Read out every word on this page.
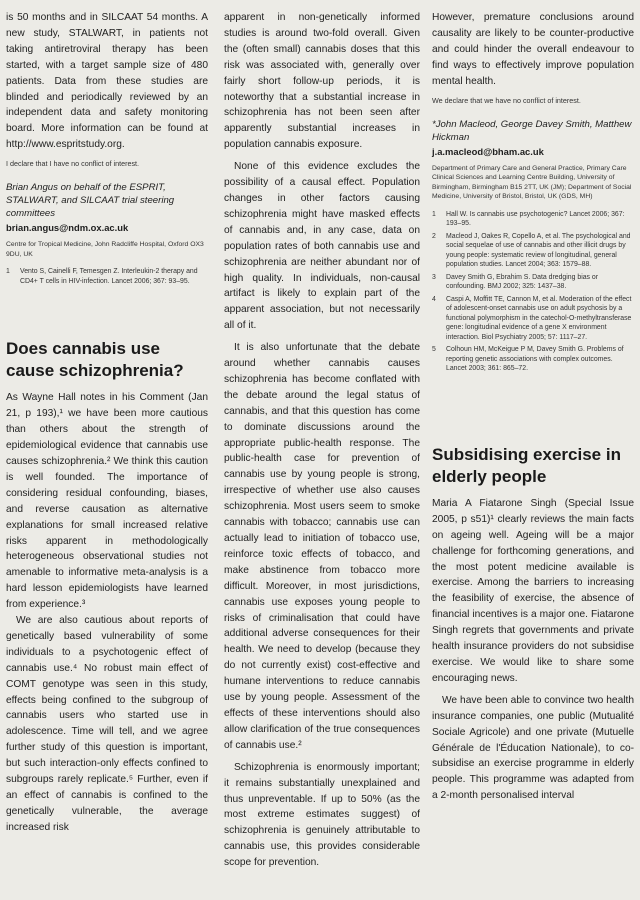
is 50 months and in SILCAAT 54 months. A new study, STALWART, in patients not taking antiretroviral therapy has been started, with a target sample size of 480 patients. Data from these studies are blinded and periodically reviewed by an independent data and safety monitoring board. More information can be found at http://www.espritstudy.org.

I declare that I have no conflict of interest.

Brian Angus on behalf of the ESPRIT, STALWART, and SILCAAT trial steering committees

brian.angus@ndm.ox.ac.uk

Centre for Tropical Medicine, John Radcliffe Hospital, Oxford OX3 9DU, UK

1	Vento S, Cainelli F, Temesgen Z. Interleukin-2 therapy and CD4+ T cells in HIV-infection. Lancet 2006; 367: 93–95.
Does cannabis use cause schizophrenia?

As Wayne Hall notes in his Comment (Jan 21, p 193),¹ we have been more cautious than others about the strength of epidemiological evidence that cannabis use causes schizophrenia.² We think this caution is well founded. The importance of considering residual confounding, biases, and reverse causation as alternative explanations for small increased relative risks apparent in methodologically heterogeneous observational studies not amenable to informative meta-analysis is a hard lesson epidemiologists have learned from experience.³

We are also cautious about reports of genetically based vulnerability of some individuals to a psychotogenic effect of cannabis use.⁴ No robust main effect of COMT genotype was seen in this study, effects being confined to the subgroup of cannabis users who started use in adolescence. Time will tell, and we agree further study of this question is important, but such interaction-only effects confined to subgroups rarely replicate.⁵ Further, even if an effect of cannabis is confined to the genetically vulnerable, the average increased risk

apparent in non-genetically informed studies is around two-fold overall. Given the (often small) cannabis doses that this risk was associated with, generally over fairly short follow-up periods, it is noteworthy that a substantial increase in schizophrenia has not been seen after apparently substantial increases in population cannabis exposure.

None of this evidence excludes the possibility of a causal effect. Population changes in other factors causing schizophrenia might have masked effects of cannabis and, in any case, data on population rates of both cannabis use and schizophrenia are neither abundant nor of high quality. In individuals, non-causal artifact is likely to explain part of the apparent association, but not necessarily all of it.

It is also unfortunate that the debate around whether cannabis causes schizophrenia has become conflated with the debate around the legal status of cannabis, and that this question has come to dominate discussions around the appropriate public-health response. The public-health case for prevention of cannabis use by young people is strong, irrespective of whether use also causes schizophrenia. Most users seem to smoke cannabis with tobacco; cannabis use can actually lead to initiation of tobacco use, reinforce toxic effects of tobacco, and make abstinence from tobacco more difficult. Moreover, in most jurisdictions, cannabis use exposes young people to risks of criminalisation that could have additional adverse consequences for their health. We need to develop (because they do not currently exist) cost-effective and humane interventions to reduce cannabis use by young people. Assessment of the effects of these interventions should also allow clarification of the true consequences of cannabis use.²

Schizophrenia is enormously important; it remains substantially unexplained and thus unpreventable. If up to 50% (as the most extreme estimates suggest) of schizophrenia is genuinely attributable to cannabis use, this provides considerable scope for prevention.

However, premature conclusions around causality are likely to be counter-productive and could hinder the overall endeavour to find ways to effectively improve population mental health.

We declare that we have no conflict of interest.

*John Macleod, George Davey Smith, Matthew Hickman

j.a.macleod@bham.ac.uk

Department of Primary Care and General Practice, Primary Care Clinical Sciences and Learning Centre Building, University of Birmingham, Birmingham B15 2TT, UK (JM); Department of Social Medicine, University of Bristol, Bristol, UK (GDS, MH)

1	Hall W. Is cannabis use psychotogenic? Lancet 2006; 367: 193–95.
2	Macleod J, Oakes R, Copello A, et al. The psychological and social sequelae of use of cannabis and other illicit drugs by young people: systematic review of longitudinal, general population studies. Lancet 2004; 363: 1579–88.
3	Davey Smith G, Ebrahim S. Data dredging bias or confounding. BMJ 2002; 325: 1437–38.
4	Caspi A, Moffitt TE, Cannon M, et al. Moderation of the effect of adolescent-onset cannabis use on adult psychosis by a functional polymorphism in the catechol-O-methyltransferase gene: longitudinal evidence of a gene X environment interaction. Biol Psychiatry 2005; 57: 1117–27.
5	Colhoun HM, McKeigue P M, Davey Smith G. Problems of reporting genetic associations with complex outcomes. Lancet 2003; 361: 865–72.
Subsidising exercise in elderly people

Maria A Fiatarone Singh (Special Issue 2005, p s51)¹ clearly reviews the main facts on ageing well. Ageing will be a major challenge for forthcoming generations, and the most potent medicine available is exercise. Among the barriers to increasing the feasibility of exercise, the absence of financial incentives is a major one. Fiatarone Singh regrets that governments and private health insurance providers do not subsidise exercise. We would like to share some encouraging news.

We have been able to convince two health insurance companies, one public (Mutualité Sociale Agricole) and one private (Mutuelle Générale de l'Éducation Nationale), to co-subsidise an exercise programme in elderly people. This programme was adapted from a 2-month personalised interval
